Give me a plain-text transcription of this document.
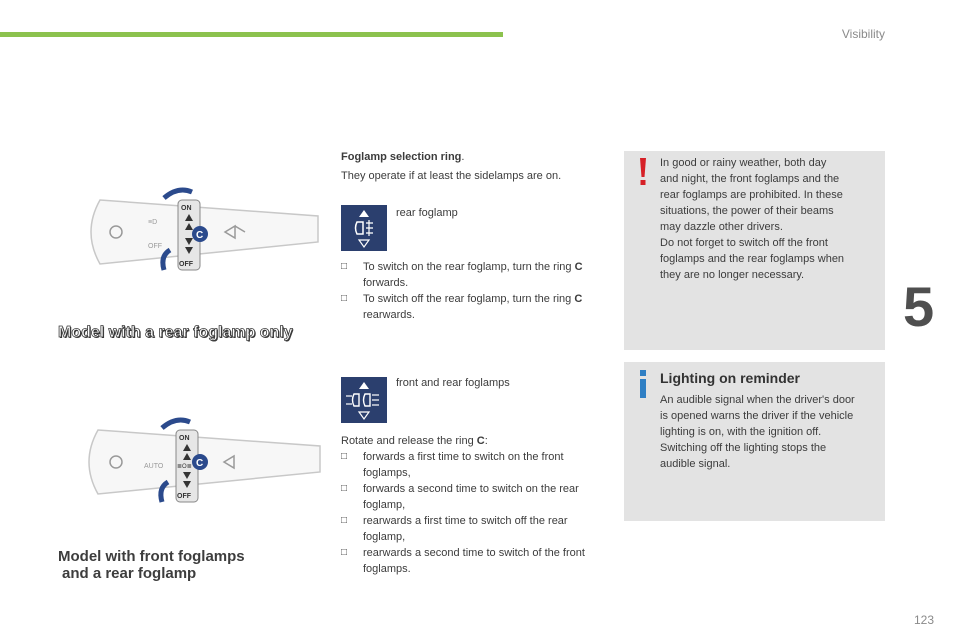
Visibility
5
≡D
OFF
ON
OFF
C
Model with a rear foglamp only
AUTO
ON
≣O≣
OFF
C
Model with front foglamps
and a rear foglamp
Foglamp selection ring.
They operate if at least the sidelamps are on.
rear foglamp
□ To switch on the rear foglamp, turn the ring C forwards.
□ To switch off the rear foglamp, turn the ring C rearwards.
front and rear foglamps
Rotate and release the ring C:
□ forwards a first time to switch on the front foglamps,
□ forwards a second time to switch on the rear foglamp,
□ rearwards a first time to switch off the rear foglamp,
□ rearwards a second time to switch of the front foglamps.
In good or rainy weather, both day
and night, the front foglamps and the
rear foglamps are prohibited. In these
situations, the power of their beams
may dazzle other drivers.
Do not forget to switch off the front
foglamps and the rear foglamps when
they are no longer necessary.
Lighting on reminder
An audible signal when the driver's door
is opened warns the driver if the vehicle
lighting is on, with the ignition off.
Switching off the lighting stops the
audible signal.
123
